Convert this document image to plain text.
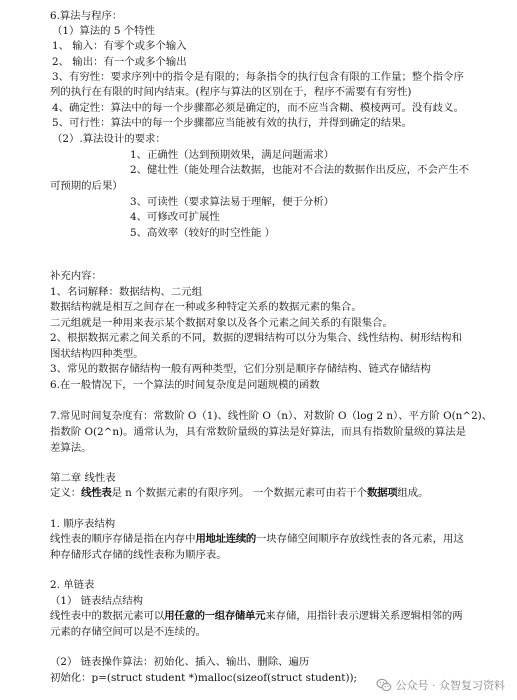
6.算法与程序：
（1）算法的 5 个特性
1、 输入：有零个或多个输入
2、 输出：有一个或多个输出
3、有穷性：要求序列中的指令是有限的；每条指令的执行包含有限的工作量；整个指令序
列的执行在有限的时间内结束。(程序与算法的区别在于，程序不需要有有穷性)
4、确定性：算法中的每一个步骤都必须是确定的，而不应当含糊、模棱两可。没有歧义。
5、可行性：算法中的每一个步骤都应当能被有效的执行，并得到确定的结果。
（2）.算法设计的要求：
1、正确性（达到预期效果，满足问题需求）
2、健壮性（能处理合法数据，也能对不合法的数据作出反应，不会产生不
可预期的后果）
3、可读性（要求算法易于理解，便于分析）
4、可修改可扩展性
5、高效率（较好的时空性能 ）
补充内容：
1、名词解释：数据结构、二元组
数据结构就是相互之间存在一种或多种特定关系的数据元素的集合。
二元组就是一种用来表示某个数据对象以及各个元素之间关系的有限集合。
2、根据数据元素之间关系的不同，数据的逻辑结构可以分为集合、线性结构、树形结构和
图状结构四种类型。
3、常见的数据存储结构一般有两种类型，它们分别是顺序存储结构、链式存储结构
6.在一般情况下，一个算法的时间复杂度是问题规模的函数
7.常见时间复杂度有：常数阶 O（1)、线性阶 O（n）、对数阶 O（log 2 n）、平方阶 O(n^2)、
指数阶 O(2^n)。通常认为，具有常数阶量级的算法是好算法，而具有指数阶量级的算法是
差算法。
第二章 线性表
定义：线性表是 n 个数据元素的有限序列。 一个数据元素可由若干个数据项组成。
1. 顺序表结构
线性表的顺序存储是指在内存中用地址连续的一块存储空间顺序存放线性表的各元素，用这
种存储形式存储的线性表称为顺序表。
2. 单链表
（1） 链表结点结构
线性表中的数据元素可以用任意的一组存储单元来存储，用指针表示逻辑关系逻辑相邻的两
元素的存储空间可以是不连续的。
（2） 链表操作算法：初始化、插入、输出、删除、遍历
初始化：p=(struct student *)malloc(sizeof(struct student));
公众号 · 众智复习资料
